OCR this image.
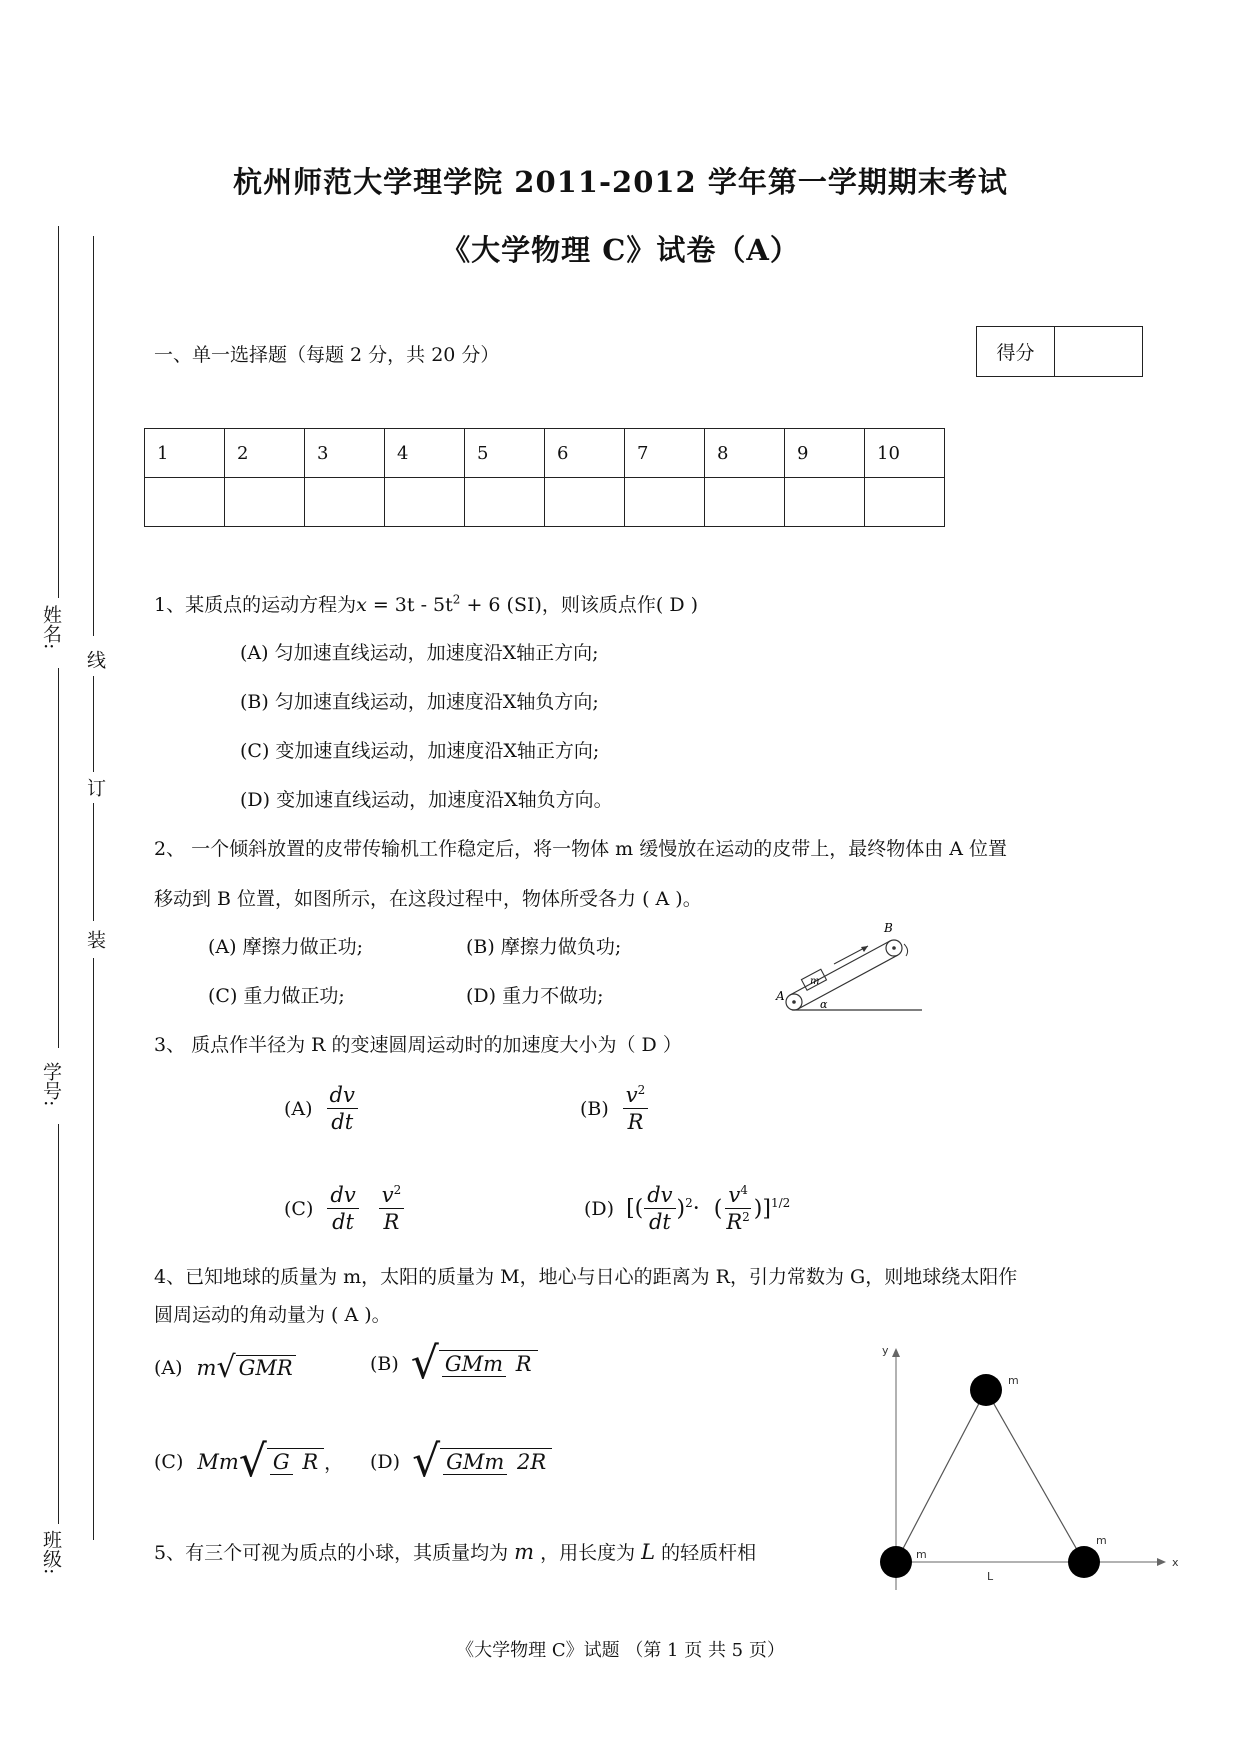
杭州师范大学理学院 2011-2012 学年第一学期期末考试
《大学物理 C》试卷（A）
姓名:
学号:
班级:
线
订
装
一、单一选择题（每题 2 分，共 20 分）	得分	
1	2	3	4	5	6	7	8	9	10

1、某质点的运动方程为$x = 3t - 5t^2 + 6$ (SI)，则该质点作( D )
(A) 匀加速直线运动，加速度沿X轴正方向;
(B) 匀加速直线运动，加速度沿X轴负方向;
(C) 变加速直线运动，加速度沿X轴正方向;
(D) 变加速直线运动，加速度沿X轴负方向。
2、 一个倾斜放置的皮带传输机工作稳定后，将一物体 m 缓慢放在运动的皮带上，最终物体由 A 位置
移动到 B 位置，如图所示，在这段过程中，物体所受各力 ( A )。
(A) 摩擦力做正功;	(B) 摩擦力做负功;
(C) 重力做正功;	(D) 重力不做功;
m
A
B
α
3、 质点作半径为 R 的变速圆周运动时的加速度大小为（ D ）
$(A) \frac{dv}{dt}$	$(B) \frac{v^2}{R}$
$(C) \frac{dv}{dt} \frac{v^2}{R}$	(D) [( $\frac{dv}{dt} )^2\cdot$  ( $\frac{v^4}{R^2} )]^{1/2}$
4、已知地球的质量为 m，太阳的质量为 M，地心与日心的距离为 R，引力常数为 G，则地球绕太阳作
圆周运动的角动量为 ( A )。
(A) m √ GMR	(B) √ GMm R
(C) Mm √ G R ， (D) √ GMm 2R
5、有三个可视为质点的小球，其质量均为 m ，用长度为 L 的轻质杆相
y
x
m
m
m
L
《大学物理 C》试题 （第 1 页 共 5 页）
